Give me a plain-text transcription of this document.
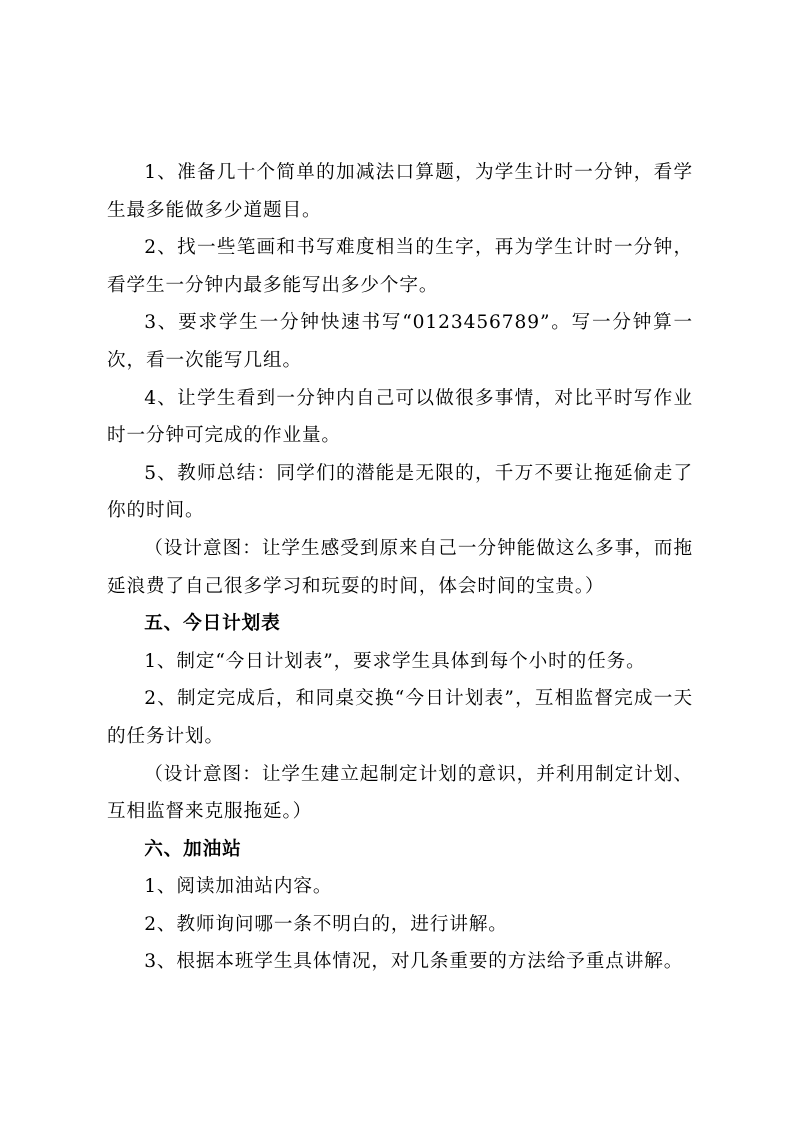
1、准备几十个简单的加减法口算题，为学生计时一分钟，看学生最多能做多少道题目。

2、找一些笔画和书写难度相当的生字，再为学生计时一分钟，看学生一分钟内最多能写出多少个字。

3、要求学生一分钟快速书写“0123456789”。写一分钟算一次，看一次能写几组。

4、让学生看到一分钟内自己可以做很多事情，对比平时写作业时一分钟可完成的作业量。

5、教师总结：同学们的潜能是无限的，千万不要让拖延偷走了你的时间。

（设计意图：让学生感受到原来自己一分钟能做这么多事，而拖延浪费了自己很多学习和玩耍的时间，体会时间的宝贵。）

五、今日计划表

1、制定“今日计划表”，要求学生具体到每个小时的任务。

2、制定完成后，和同桌交换“今日计划表”，互相监督完成一天的任务计划。

（设计意图：让学生建立起制定计划的意识，并利用制定计划、互相监督来克服拖延。）

六、加油站

1、阅读加油站内容。

2、教师询问哪一条不明白的，进行讲解。

3、根据本班学生具体情况，对几条重要的方法给予重点讲解。
